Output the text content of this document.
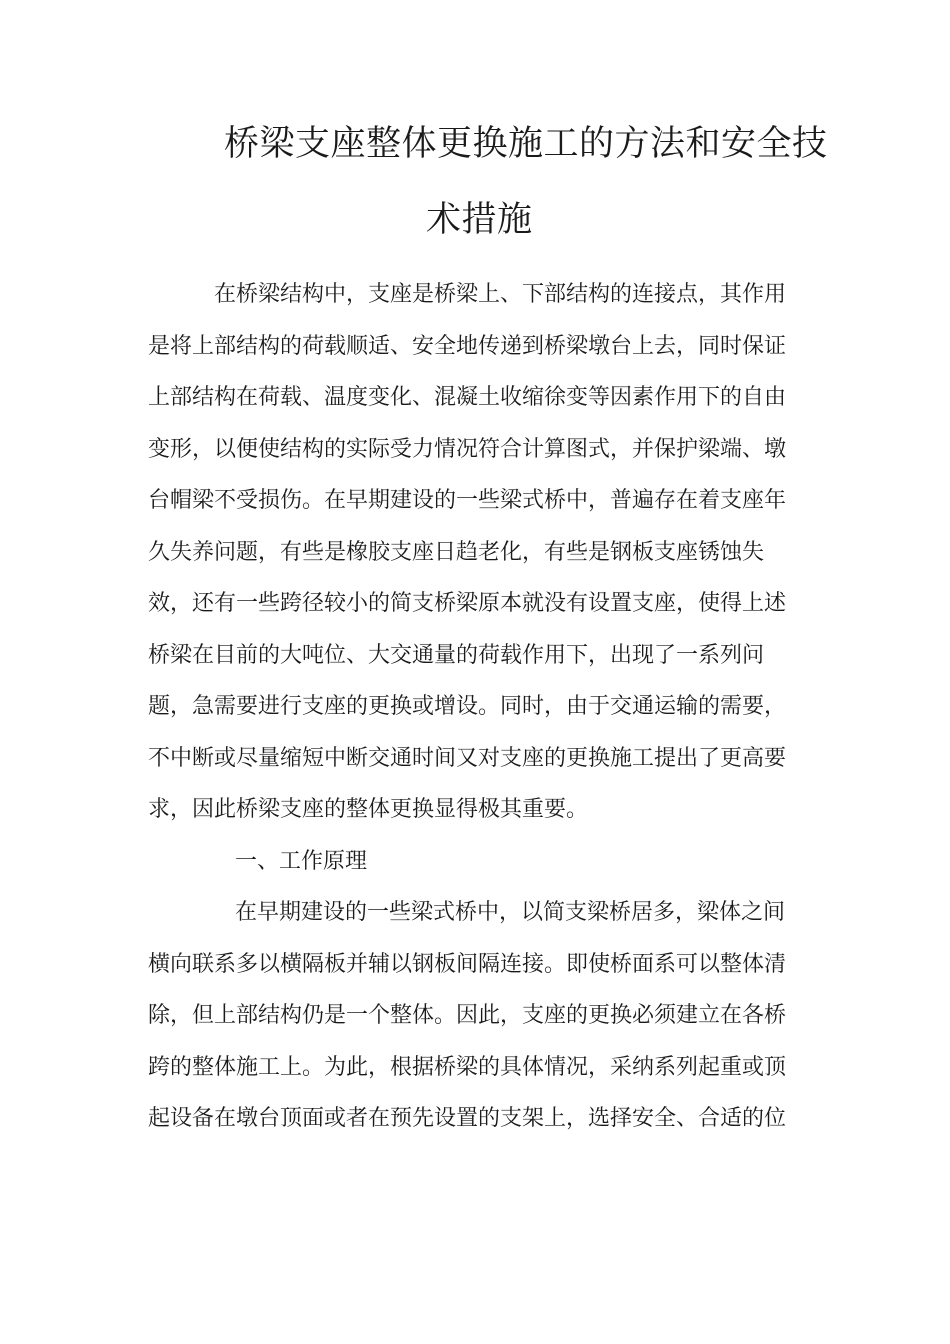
桥梁支座整体更换施工的方法和安全技
术措施
在桥梁结构中，支座是桥梁上、下部结构的连接点，其作用
是将上部结构的荷载顺适、安全地传递到桥梁墩台上去，同时保证
上部结构在荷载、温度变化、混凝土收缩徐变等因素作用下的自由
变形，以便使结构的实际受力情况符合计算图式，并保护梁端、墩
台帽梁不受损伤。在早期建设的一些梁式桥中，普遍存在着支座年
久失养问题，有些是橡胶支座日趋老化，有些是钢板支座锈蚀失
效，还有一些跨径较小的简支桥梁原本就没有设置支座，使得上述
桥梁在目前的大吨位、大交通量的荷载作用下，出现了一系列问
题，急需要进行支座的更换或增设。同时，由于交通运输的需要，
不中断或尽量缩短中断交通时间又对支座的更换施工提出了更高要
求，因此桥梁支座的整体更换显得极其重要。
一、工作原理
在早期建设的一些梁式桥中，以简支梁桥居多，梁体之间
横向联系多以横隔板并辅以钢板间隔连接。即使桥面系可以整体清
除，但上部结构仍是一个整体。因此，支座的更换必须建立在各桥
跨的整体施工上。为此，根据桥梁的具体情况，采纳系列起重或顶
起设备在墩台顶面或者在预先设置的支架上，选择安全、合适的位
